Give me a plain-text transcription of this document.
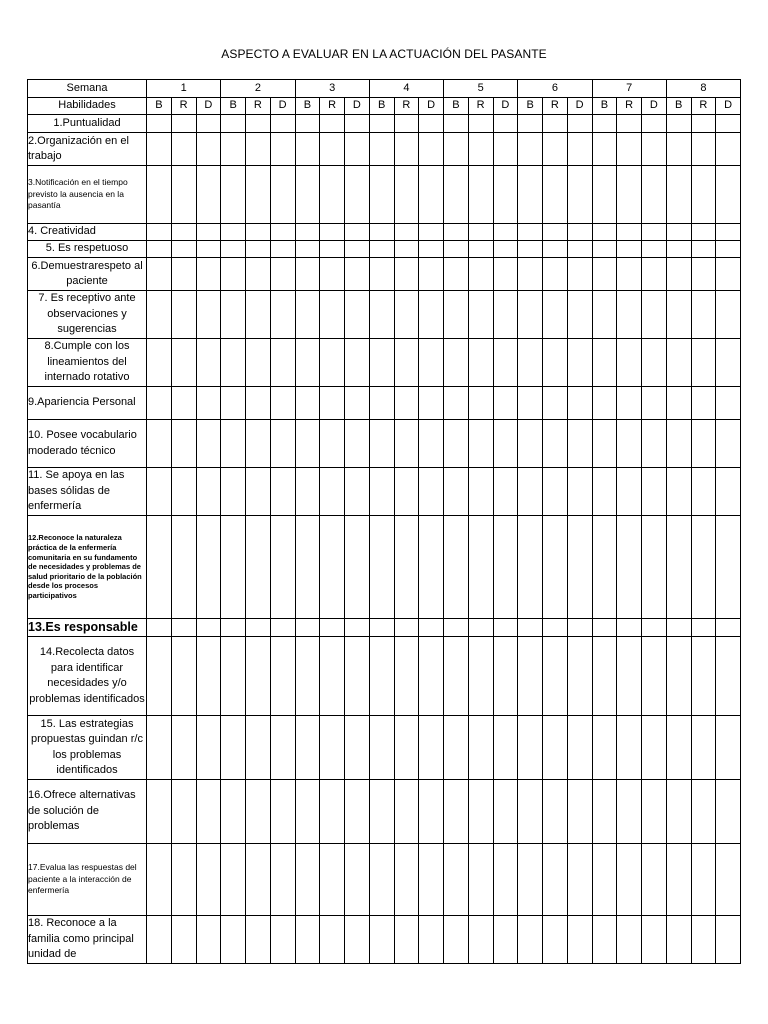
ASPECTO A EVALUAR EN LA ACTUACIÓN DEL PASANTE
Semana	1			2			3			4			5			6			7			8		
Habilidades	B	R	D	B	R	D	B	R	D	B	R	D	B	R	D	B	R	D	B	R	D	B	R	D
1.Puntualidad																								
2.Organización en el trabajo																								
3.Notificación en el tiempo previsto la ausencia en la pasantía																								
4. Creatividad																								
5. Es respetuoso																								
6.Demuestrarespeto al paciente																								
7. Es receptivo ante observaciones y sugerencias																								
8.Cumple con los lineamientos del internado rotativo																								
9.Apariencia Personal																								
10. Posee vocabulario moderado técnico																								
11. Se apoya en las bases sólidas de enfermería																								
12.Reconoce la naturaleza práctica de la enfermería comunitaria en su fundamento de necesidades y problemas de salud prioritario de la población desde los procesos participativos																								
13.Es responsable																								
14.Recolecta datos para identificar necesidades y/o problemas identificados																								
15. Las estrategias propuestas guindan r/c los problemas identificados																								
16.Ofrece alternativas de solución de problemas																								
17.Evalua las respuestas del paciente a la interacción de enfermería																								
18. Reconoce a la familia como principal unidad de																								
